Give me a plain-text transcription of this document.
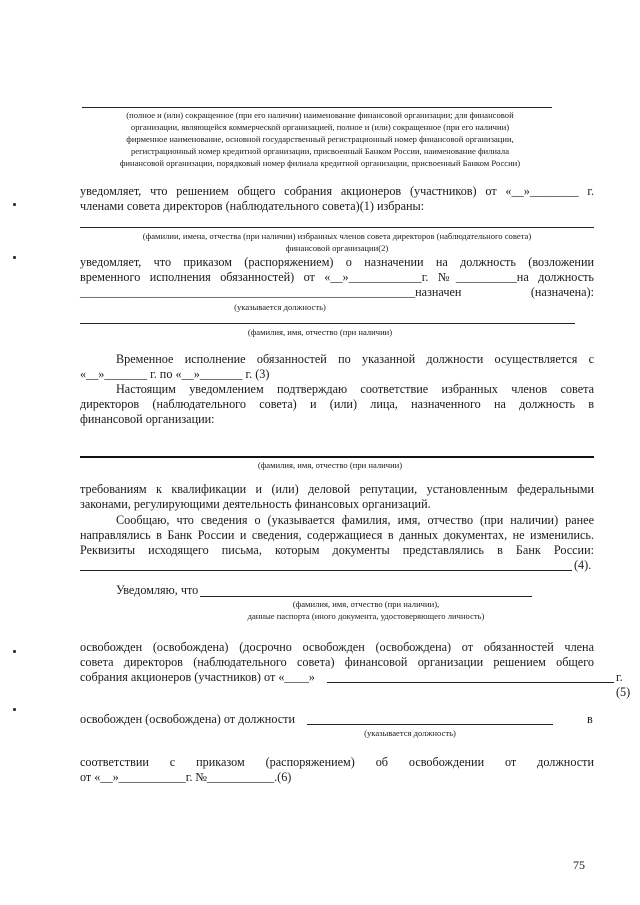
(полное и (или) сокращенное (при его наличии) наименование финансовой организации; для финансовой
организации, являющейся коммерческой организацией, полное и (или) сокращенное (при его наличии)
фирменное наименование, основной государственный регистрационный номер финансовой организации,
регистрационный номер кредитной организации, присвоенный Банком России, наименование филиала
финансовой организации, порядковый номер филиала кредитной организации, присвоенный Банком России)
уведомляет, что решением общего собрания акционеров (участников) от «__»________ г.
членами совета директоров (наблюдательного совета)(1) избраны:
(фамилии, имена, отчества (при наличии) избранных членов совета директоров (наблюдательного совета)
финансовой организации(2)
уведомляет, что приказом (распоряжением) о назначении на должность (возложении
временного исполнения обязанностей) от «__»____________г. №__________на должность
_______________________________________________________назначен (назначена):
(указывается должность)
(фамилия, имя, отчество (при наличии)
Временное исполнение обязанностей по указанной должности осуществляется с
«__»_______ г. по «__»_______ г. (3)
Настоящим уведомлением подтверждаю соответствие избранных членов совета
директоров (наблюдательного совета) и (или) лица, назначенного на должность в
финансовой организации:
(фамилия, имя, отчество (при наличии)
требованиям к квалификации и (или) деловой репутации, установленным федеральными
законами, регулирующими деятельность финансовых организаций.
Сообщаю, что сведения о (указывается фамилия, имя, отчество (при наличии) ранее
направлялись в Банк России и сведения, содержащиеся в данных документах, не изменились.
Реквизиты исходящего письма, которым документы представлялись в Банк России:
(4).
Уведомляю, что
(фамилия, имя, отчество (при наличии),
данные паспорта (иного документа, удостоверяющего личность)
освобожден (освобождена) (досрочно освобожден (освобождена) от обязанностей члена
совета директоров (наблюдательного совета) финансовой организации решением общего
собрания акционеров (участников) от «____»	г.(5)
освобожден (освобождена) от должности	в
(указывается должность)
соответствии с приказом (распоряжением) об освобождении от должности
от «__»___________г. №___________.(6)
75
